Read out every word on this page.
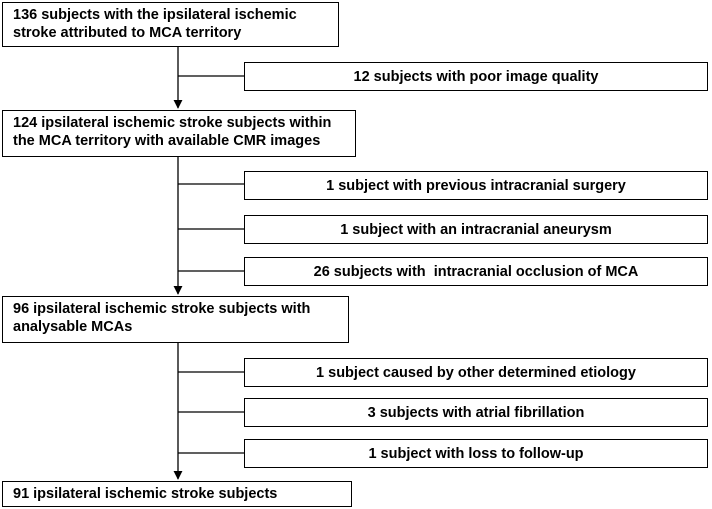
136 subjects with the ipsilateral ischemic
stroke attributed to MCA territory
124 ipsilateral ischemic stroke subjects within
the MCA territory with available CMR images
96 ipsilateral ischemic stroke subjects with
analysable MCAs
91 ipsilateral ischemic stroke subjects
12 subjects with poor image quality
1 subject with previous intracranial surgery
1 subject with an intracranial aneurysm
26 subjects with  intracranial occlusion of MCA
1 subject caused by other determined etiology
3 subjects with atrial fibrillation
1 subject with loss to follow-up
